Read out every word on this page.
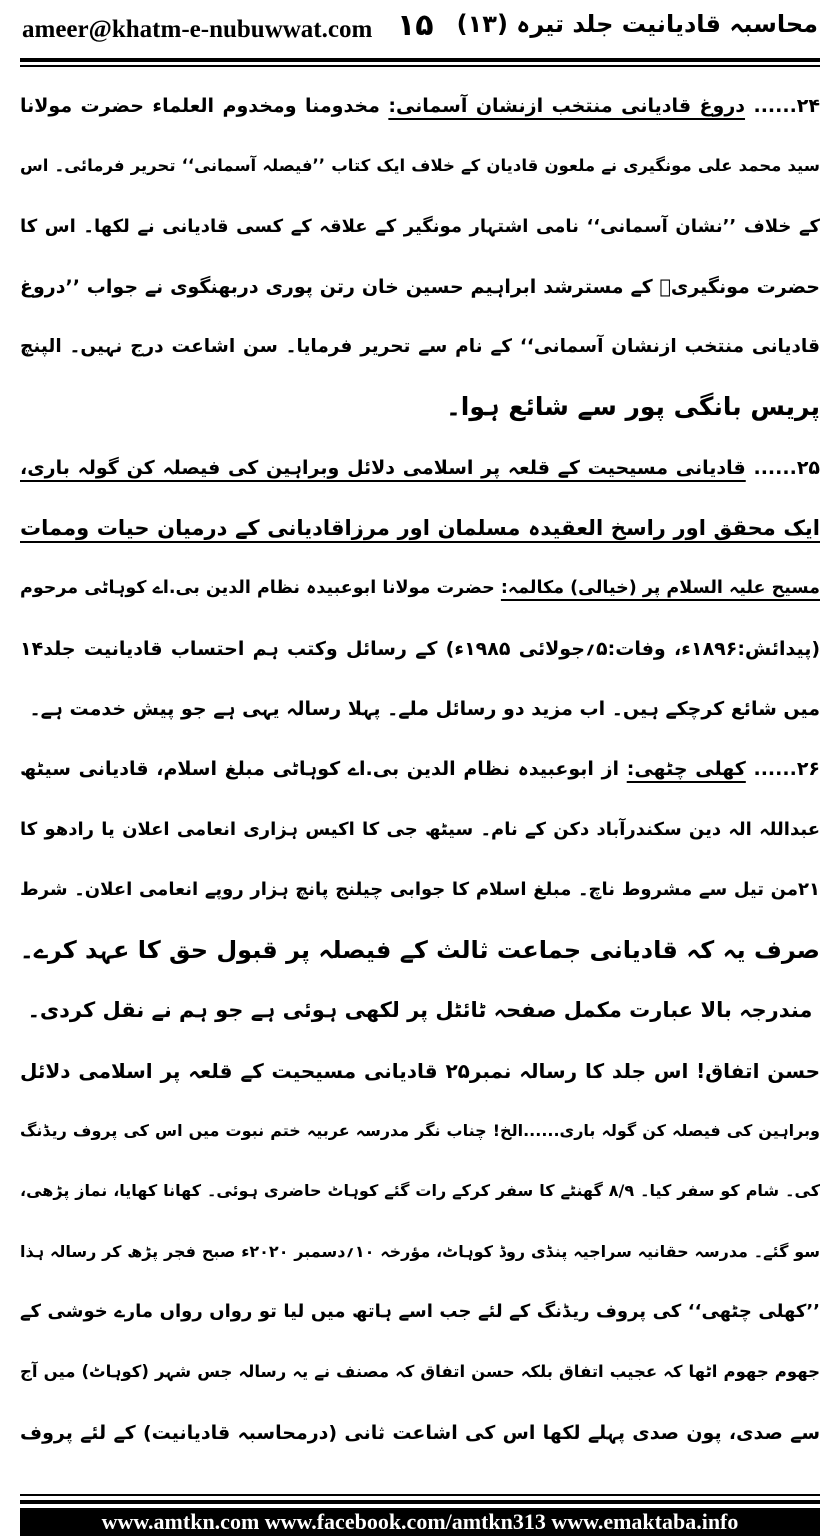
ameer@khatm-e-nubuwwat.com ۱۵ محاسبہ قادیانیت جلد تیرہ (۱۳)
۲۴...... دروغ قادیانی منتخب ازنشان آسمانی: مخدومنا ومخدوم العلماء حضرت مولانا
سید محمد علی مونگیری نے ملعون قادیان کے خلاف ایک کتاب ’’فیصلہ آسمانی‘‘ تحریر فرمائی۔ اس
کے خلاف ’’نشان آسمانی‘‘ نامی اشتہار مونگیر کے علاقہ کے کسی قادیانی نے لکھا۔ اس کا
حضرت مونگیریؒ کے مسترشد ابراہیم حسین خان رتن پوری دربھنگوی نے جواب ’’دروغ
قادیانی منتخب ازنشان آسمانی‘‘ کے نام سے تحریر فرمایا۔ سن اشاعت درج نہیں۔ الپنچ
پریس بانگی پور سے شائع ہوا۔
۲۵...... قادیانی مسیحیت کے قلعہ پر اسلامی دلائل وبراہین کی فیصلہ کن گولہ باری،
ایک محقق اور راسخ العقیدہ مسلمان اور مرزاقادیانی کے درمیان حیات وممات
مسیح علیہ السلام پر (خیالی) مکالمہ: حضرت مولانا ابوعبیدہ نظام الدین بی.اے کوہاٹی مرحوم
(پیدائش:۱۸۹۶ء، وفات:۵؍جولائی ۱۹۸۵ء) کے رسائل وکتب ہم احتساب قادیانیت جلد۱۴
میں شائع کرچکے ہیں۔ اب مزید دو رسائل ملے۔ پہلا رسالہ یہی ہے جو پیش خدمت ہے۔
۲۶...... کھلی چٹھی: از ابوعبیدہ نظام الدین بی.اے کوہاٹی مبلغ اسلام، قادیانی سیٹھ
عبداللہ الہ دین سکندرآباد دکن کے نام۔ سیٹھ جی کا اکیس ہزاری انعامی اعلان یا رادھو کا
۲۱من تیل سے مشروط ناچ۔ مبلغ اسلام کا جوابی چیلنج پانچ ہزار روپے انعامی اعلان۔ شرط
صرف یہ کہ قادیانی جماعت ثالث کے فیصلہ پر قبول حق کا عہد کرے۔
مندرجہ بالا عبارت مکمل صفحہ ٹائٹل پر لکھی ہوئی ہے جو ہم نے نقل کردی۔
حسن اتفاق! اس جلد کا رسالہ نمبر۲۵ قادیانی مسیحیت کے قلعہ پر اسلامی دلائل
وبراہین کی فیصلہ کن گولہ باری......الخ! چناب نگر مدرسہ عربیہ ختم نبوت میں اس کی پروف ریڈنگ
کی۔ شام کو سفر کیا۔ ۸/۹ گھنٹے کا سفر کرکے رات گئے کوہاٹ حاضری ہوئی۔ کھانا کھایا، نماز پڑھی،
سو گئے۔ مدرسہ حقانیہ سراجیہ پنڈی روڈ کوہاٹ، مؤرخہ ۱۰؍دسمبر ۲۰۲۰ء صبح فجر پڑھ کر رسالہ ہذا
’’کھلی چٹھی‘‘ کی پروف ریڈنگ کے لئے جب اسے ہاتھ میں لیا تو رواں رواں مارے خوشی کے
جھوم جھوم اٹھا کہ عجیب اتفاق بلکہ حسن اتفاق کہ مصنف نے یہ رسالہ جس شہر (کوہاٹ) میں آج
سے صدی، پون صدی پہلے لکھا اس کی اشاعت ثانی (درمحاسبہ قادیانیت) کے لئے پروف
www.amtkn.com www.facebook.com/amtkn313 www.emaktaba.info
